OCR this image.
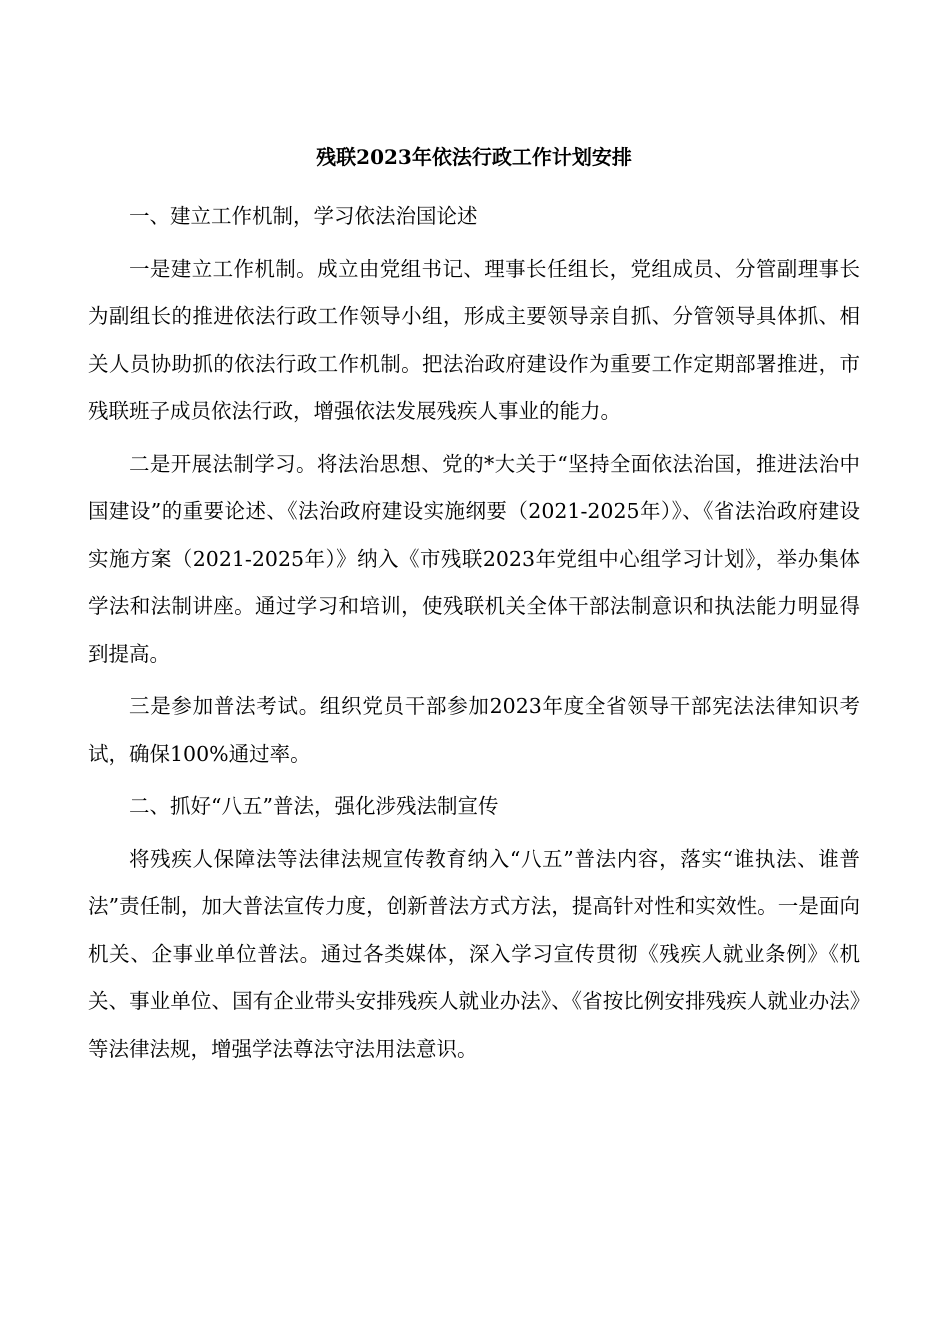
残联2023年依法行政工作计划安排

一、建立工作机制，学习依法治国论述

一是建立工作机制。成立由党组书记、理事长任组长，党组成员、分管副理事长为副组长的推进依法行政工作领导小组，形成主要领导亲自抓、分管领导具体抓、相关人员协助抓的依法行政工作机制。把法治政府建设作为重要工作定期部署推进，市残联班子成员依法行政，增强依法发展残疾人事业的能力。

二是开展法制学习。将法治思想、党的*大关于“坚持全面依法治国，推进法治中国建设”的重要论述、《法治政府建设实施纲要（2021-2025年）》、《省法治政府建设实施方案（2021-2025年）》纳入《市残联2023年党组中心组学习计划》，举办集体学法和法制讲座。通过学习和培训，使残联机关全体干部法制意识和执法能力明显得到提高。

三是参加普法考试。组织党员干部参加2023年度全省领导干部宪法法律知识考试，确保100%通过率。

二、抓好“八五”普法，强化涉残法制宣传

将残疾人保障法等法律法规宣传教育纳入“八五”普法内容，落实“谁执法、谁普法”责任制，加大普法宣传力度，创新普法方式方法，提高针对性和实效性。一是面向机关、企事业单位普法。通过各类媒体，深入学习宣传贯彻《残疾人就业条例》《机关、事业单位、国有企业带头安排残疾人就业办法》、《省按比例安排残疾人就业办法》等法律法规，增强学法尊法守法用法意识。
